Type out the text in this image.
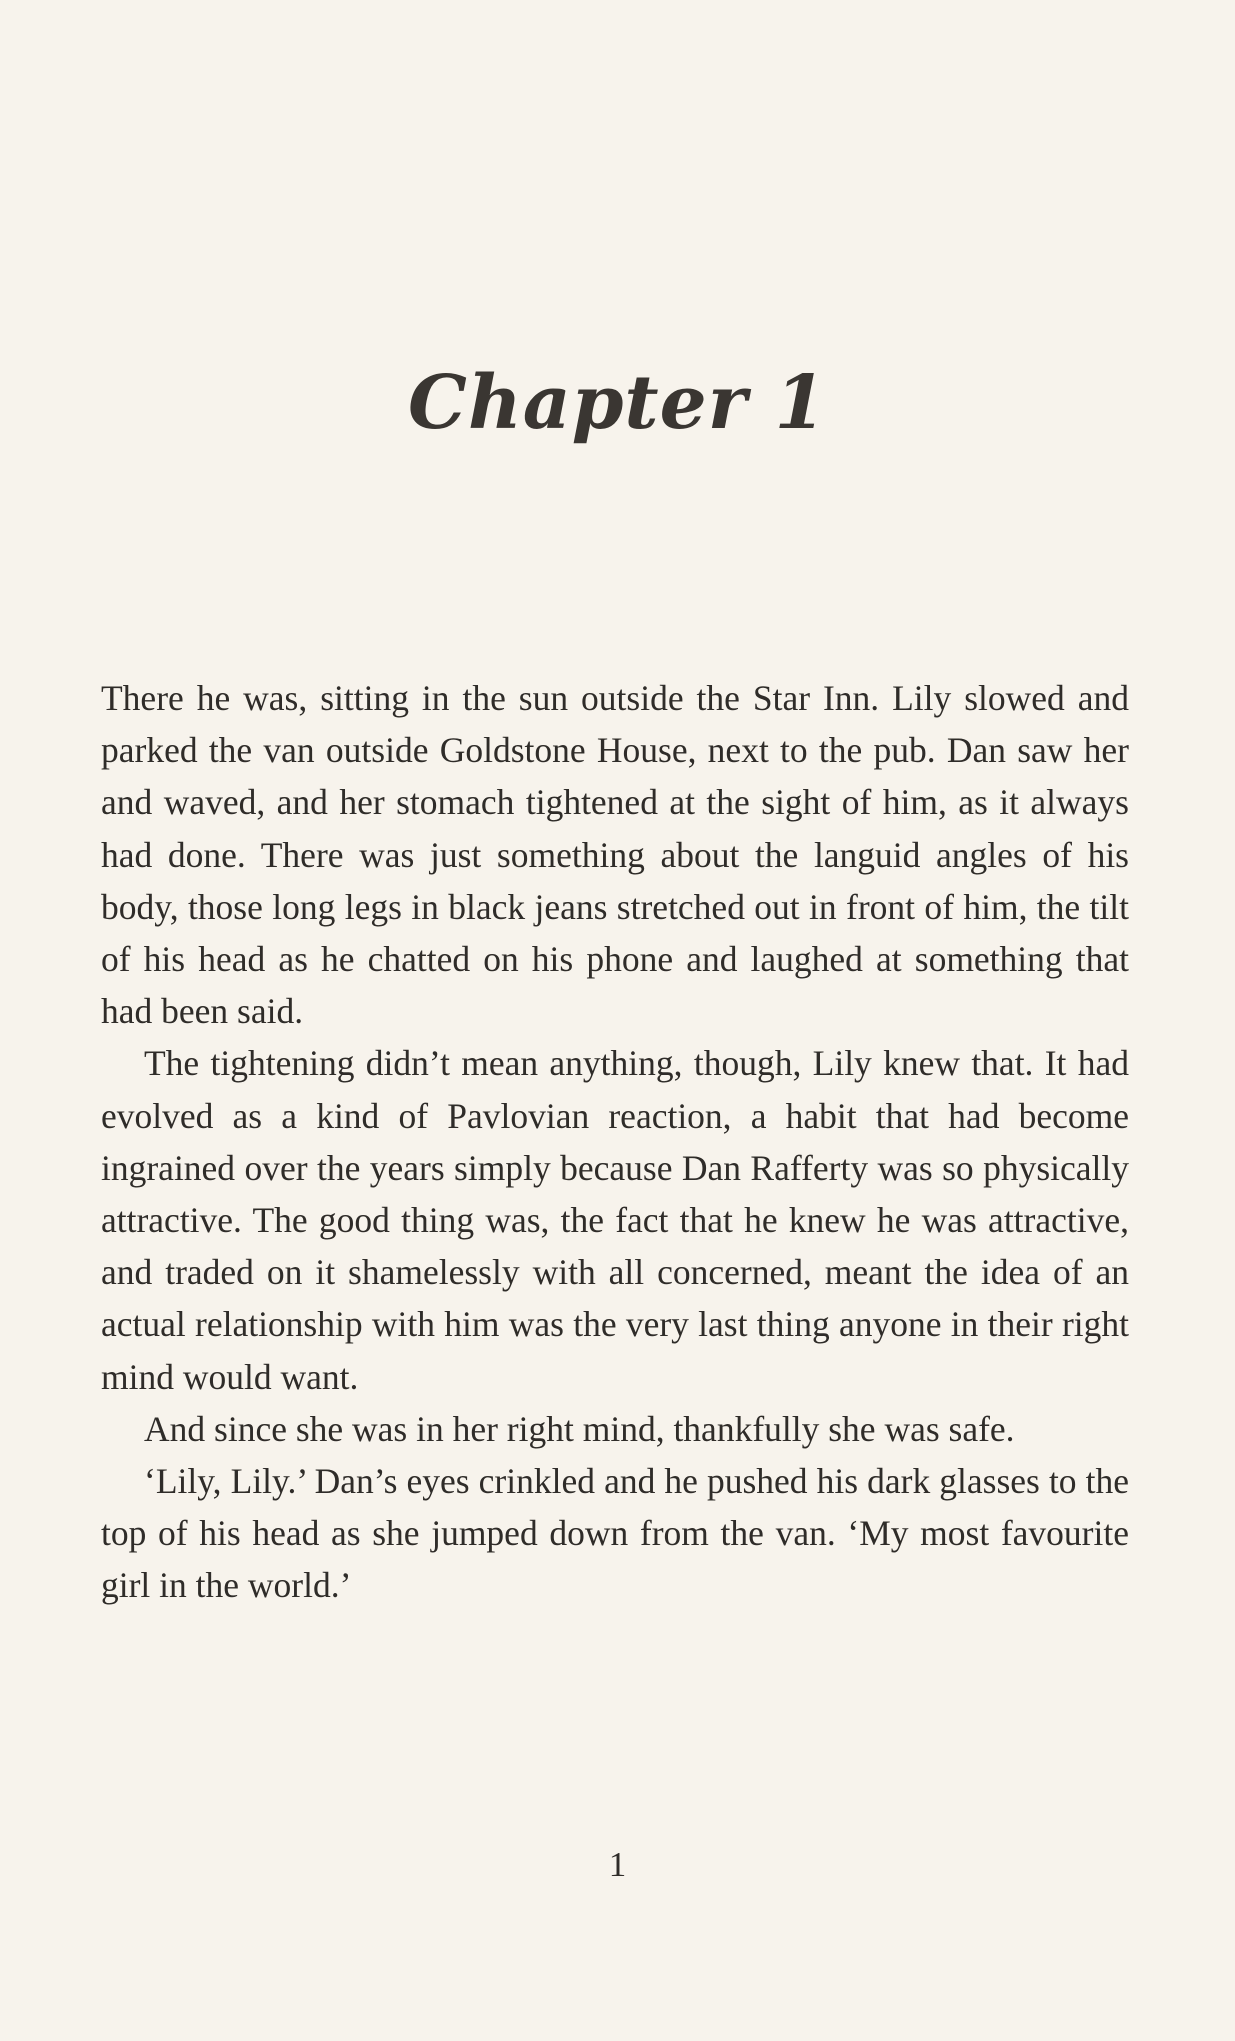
Chapter 1

There he was, sitting in the sun outside the Star Inn. Lily slowed and parked the van outside Goldstone House, next to the pub. Dan saw her and waved, and her stomach tightened at the sight of him, as it always had done. There was just something about the languid angles of his body, those long legs in black jeans stretched out in front of him, the tilt of his head as he chatted on his phone and laughed at something that had been said.

The tightening didn’t mean anything, though, Lily knew that. It had evolved as a kind of Pavlovian reaction, a habit that had become ingrained over the years simply because Dan Rafferty was so physically attractive. The good thing was, the fact that he knew he was attractive, and traded on it shamelessly with all concerned, meant the idea of an actual relationship with him was the very last thing anyone in their right mind would want.

And since she was in her right mind, thankfully she was safe.

‘Lily, Lily.’ Dan’s eyes crinkled and he pushed his dark glasses to the top of his head as she jumped down from the van. ‘My most favourite girl in the world.’

1
